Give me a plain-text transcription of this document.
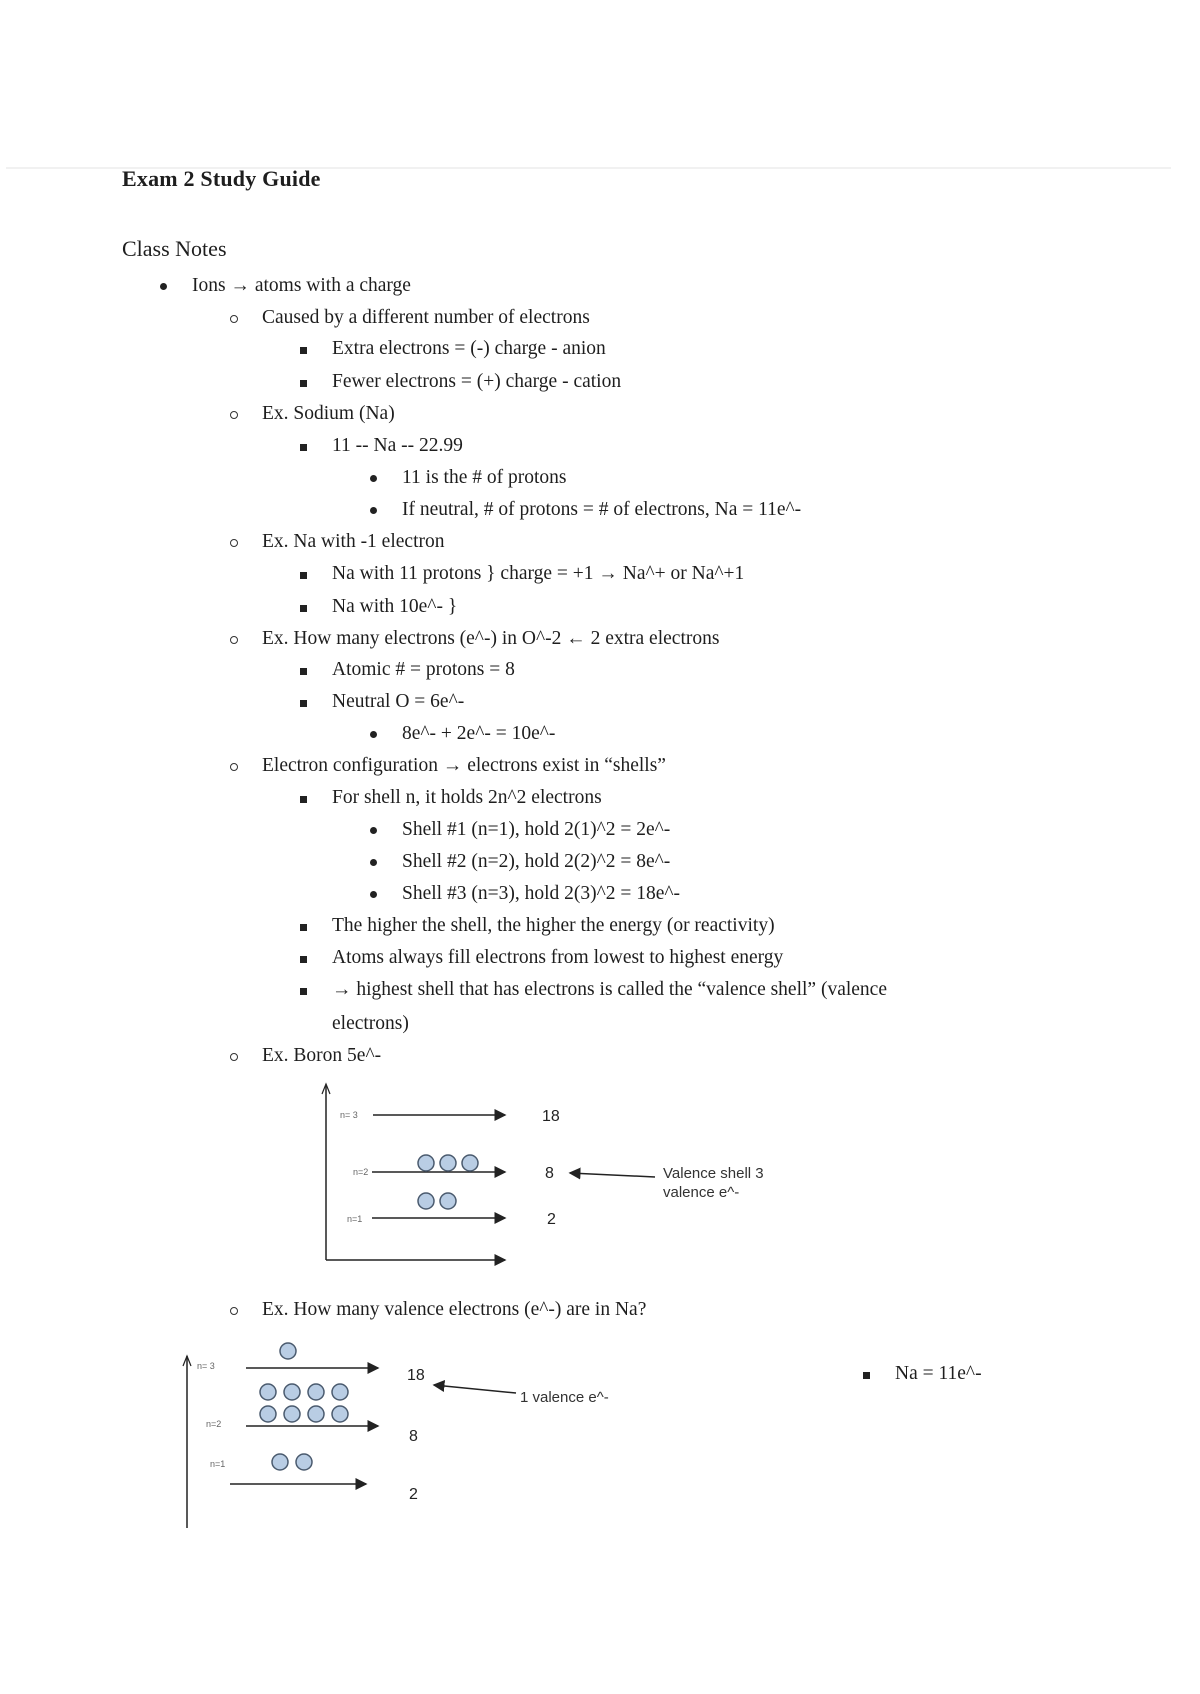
Exam 2 Study Guide
Class Notes
Ions → atoms with a charge
Caused by a different number of electrons
Extra electrons = (-) charge - anion
Fewer electrons = (+) charge - cation
Ex. Sodium (Na)
11 -- Na -- 22.99
11 is the # of protons
If neutral, # of protons = # of electrons, Na = 11e^-
Ex. Na with -1 electron
Na with 11 protons } charge = +1 → Na^+ or Na^+1
Na with 10e^- }
Ex. How many electrons (e^-) in O^-2 ← 2 extra electrons
Atomic # = protons = 8
Neutral O = 6e^-
8e^- + 2e^- = 10e^-
Electron configuration → electrons exist in “shells”
For shell n, it holds 2n^2 electrons
Shell #1 (n=1), hold 2(1)^2 = 2e^-
Shell #2 (n=2), hold 2(2)^2 = 8e^-
Shell #3 (n=3), hold 2(3)^2 = 18e^-
The higher the shell, the higher the energy (or reactivity)
Atoms always fill electrons from lowest to highest energy
→ highest shell that has electrons is called the “valence shell” (valence
electrons)
Ex. Boron 5e^-
Ex. How many valence electrons (e^-) are in Na?
n= 3	18
n=2	8
n=1	2
Valence shell 3
valence e^-
n= 3
18
n=2
8
n=1
2
1 valence e^-
Na = 11e^-
